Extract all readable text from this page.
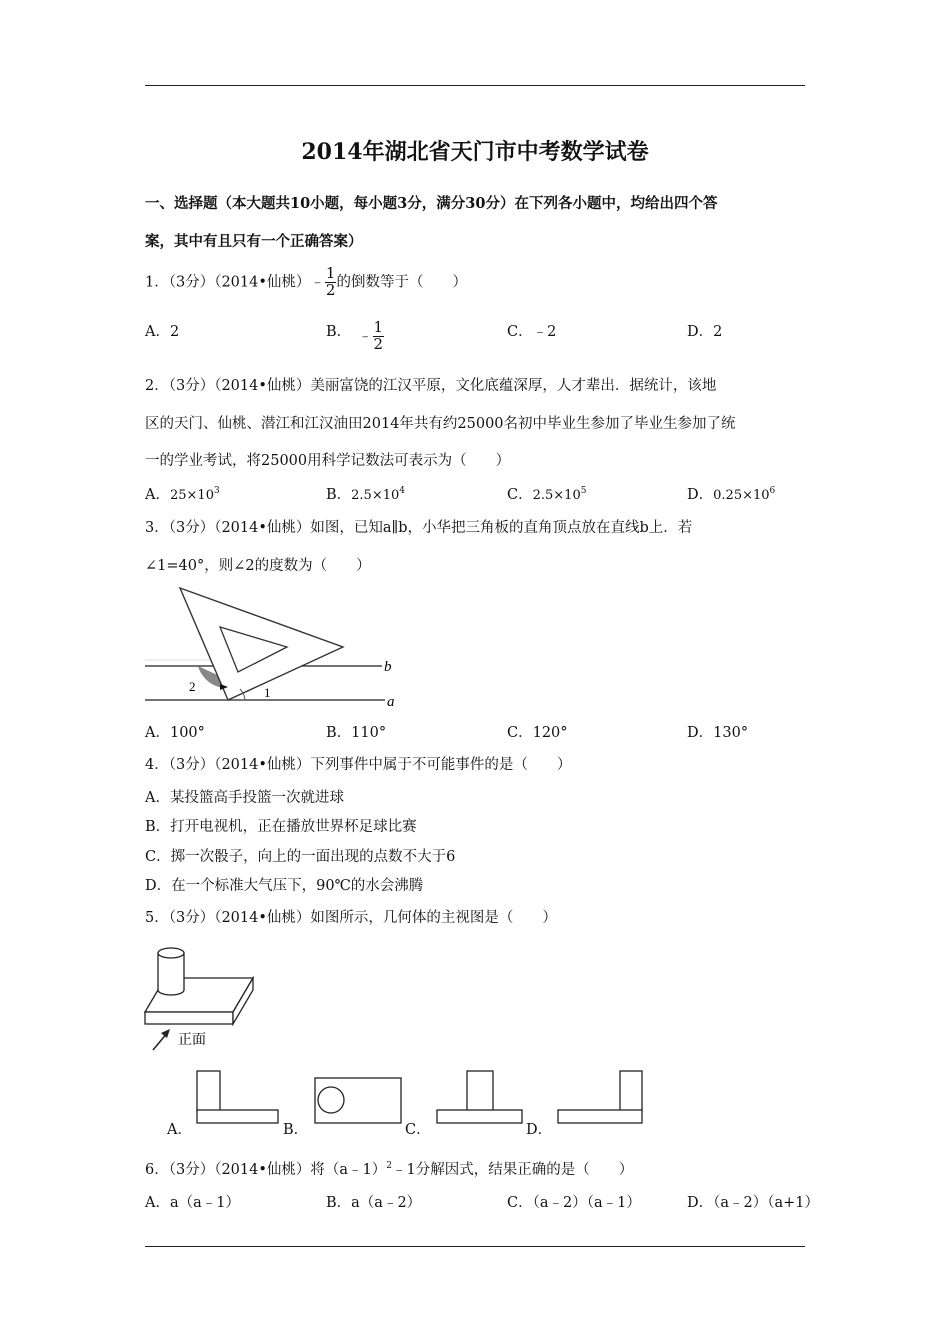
2014年湖北省天门市中考数学试卷
一、选择题（本大题共10小题，每小题3分，满分30分）在下列各小题中，均给出四个答
案，其中有且只有一个正确答案）
1．（3分）（2014•仙桃）﹣ $\frac{1}{2}$ 的倒数等于（　　）
A．2	B． ﹣ $\frac{1}{2}$	C．﹣2	D．2
2．（3分）（2014•仙桃）美丽富饶的江汉平原，文化底蕴深厚，人才辈出．据统计，该地
区的天门、仙桃、潜江和江汉油田2014年共有约25000名初中毕业生参加了毕业生参加了统
一的学业考试，将25000用科学记数法可表示为（　　）
A．$25\times 10^3$	B．$2.5\times 10^4$	C．$2.5\times 10^5$	D．$0.25\times 10^6$
3．（3分）（2014•仙桃）如图，已知a∥b，小华把三角板的直角顶点放在直线b上．若
∠1=40°，则∠2的度数为（　　）
b
a
1
2
A．100°	B．110°	C．120°	D．130°
4．（3分）（2014•仙桃）下列事件中属于不可能事件的是（　　）
A．某投篮高手投篮一次就进球
B．打开电视机，正在播放世界杯足球比赛
C．掷一次骰子，向上的一面出现的点数不大于6
D．在一个标准大气压下，90℃的水会沸腾
5．（3分）（2014•仙桃）如图所示，几何体的主视图是（　　）
正面
A．	B．	C．	D．
6．（3分）（2014•仙桃）将（a﹣1）$^2$﹣1分解因式，结果正确的是（　　）
A．a（a﹣1）	B．a（a﹣2）	C．（a﹣2）（a﹣1）	D．（a﹣2）（a+1）
